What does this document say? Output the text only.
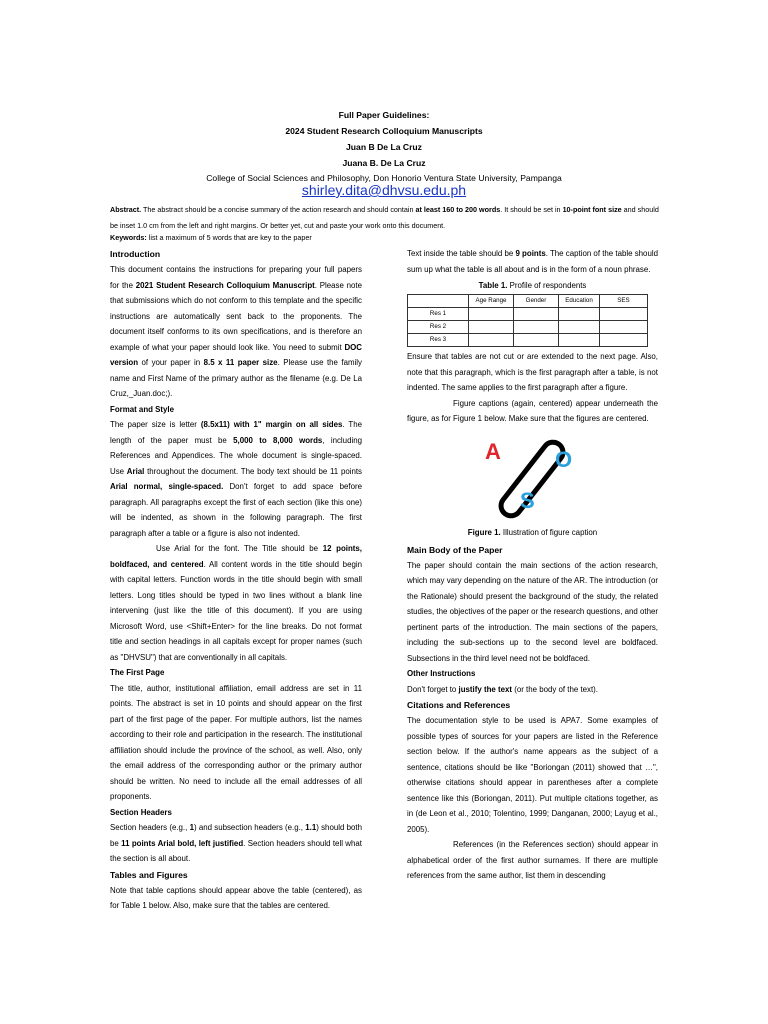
Full Paper Guidelines:
2024 Student Research Colloquium Manuscripts
Juan B De La Cruz
Juana B. De La Cruz
College of Social Sciences and Philosophy, Don Honorio Ventura State University, Pampanga
shirley.dita@dhvsu.edu.ph
Abstract. The abstract should be a concise summary of the action research and should contain at least 160 to 200 words. It should be set in 10-point font size and should be inset 1.0 cm from the left and right margins. Or better yet, cut and paste your work onto this document.
Keywords: list a maximum of 5 words that are key to the paper
Introduction

This document contains the instructions for preparing your full papers for the 2021 Student Research Colloquium Manuscript. Please note that submissions which do not conform to this template and the specific instructions are automatically sent back to the proponents. The document itself conforms to its own specifications, and is therefore an example of what your paper should look like. You need to submit DOC version of your paper in 8.5 x 11 paper size. Please use the family name and First Name of the primary author as the filename (e.g. De La Cruz,_Juan.doc;).

Format and Style

The paper size is letter (8.5x11) with 1" margin on all sides. The length of the paper must be 5,000 to 8,000 words, including References and Appendices. The whole document is single-spaced. Use Arial throughout the document. The body text should be 11 points Arial normal, single-spaced. Don't forget to add space before paragraph. All paragraphs except the first of each section (like this one) will be indented, as shown in the following paragraph. The first paragraph after a table or a figure is also not indented.

Use Arial for the font. The Title should be 12 points, boldfaced, and centered. All content words in the title should begin with capital letters. Function words in the title should begin with small letters. Long titles should be typed in two lines without a blank line intervening (just like the title of this document). If you are using Microsoft Word, use <Shift+Enter> for the line breaks. Do not format title and section headings in all capitals except for proper names (such as "DHVSU") that are conventionally in all capitals.

The First Page

The title, author, institutional affiliation, email address are set in 11 points. The abstract is set in 10 points and should appear on the first part of the first page of the paper. For multiple authors, list the names according to their role and participation in the research. The institutional affiliation should include the province of the school, as well. Also, only the email address of the corresponding author or the primary author should be written. No need to include all the email addresses of all proponents.

Section Headers

Section headers (e.g., 1) and subsection headers (e.g., 1.1) should both be 11 points Arial bold, left justified. Section headers should tell what the section is all about.

Tables and Figures

Note that table captions should appear above the table (centered), as for Table 1 below. Also, make sure that the tables are centered.

Text inside the table should be 9 points. The caption of the table should sum up what the table is all about and is in the form of a noun phrase.

Table 1. Profile of respondents
	Age Range	Gender	Education	SES
Res 1				
Res 2				
Res 3				

Ensure that tables are not cut or are extended to the next page. Also, note that this paragraph, which is the first paragraph after a table, is not indented. The same applies to the first paragraph after a figure.

Figure captions (again, centered) appear underneath the figure, as for Figure 1 below. Make sure that the figures are centered.

A O
S
Figure 1. Illustration of figure caption
Main Body of the Paper

The paper should contain the main sections of the action research, which may vary depending on the nature of the AR. The introduction (or the Rationale) should present the background of the study, the related studies, the objectives of the paper or the research questions, and other pertinent parts of the introduction. The main sections of the papers, including the sub-sections up to the second level are boldfaced. Subsections in the third level need not be boldfaced.

Other Instructions

Don't forget to justify the text (or the body of the text).

Citations and References

The documentation style to be used is APA7. Some examples of possible types of sources for your papers are listed in the Reference section below. If the author's name appears as the subject of a sentence, citations should be like "Boriongan (2011) showed that …", otherwise citations should appear in parentheses after a complete sentence like this (Boriongan, 2011). Put multiple citations together, as in (de Leon et al., 2010; Tolentino, 1999; Danganan, 2000; Layug et al., 2005).

References (in the References section) should appear in alphabetical order of the first author surnames. If there are multiple references from the same author, list them in descending
